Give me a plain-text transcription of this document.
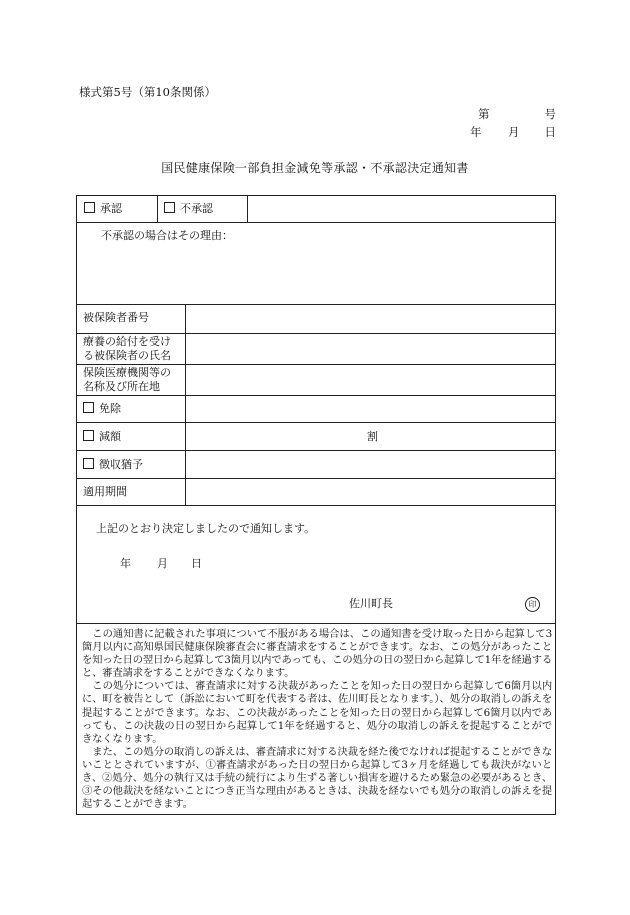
様式第5号（第10条関係）
第	号
年 月 日
国民健康保険一部負担金減免等承認・不承認決定通知書
承認	不承認
不承認の場合はその理由：
被保険者番号
療養の給付を受け
る被保険者の氏名
保険医療機関等の
名称及び所在地
免除
減額	割
徴収猶予
適用期間
上記のとおり決定しましたので通知します。
年 月 日
佐川町長	印

この通知書に記載された事項について不服がある場合は、この通知書を受け取った日から起算して3箇月以内に高知県国民健康保険審査会に審査請求をすることができます。なお、この処分があったことを知った日の翌日から起算して3箇月以内であっても、この処分の日の翌日から起算して1年を経過すると、審査請求をすることができなくなります。

この処分については、審査請求に対する決裁があったことを知った日の翌日から起算して6箇月以内に、町を被告として（訴訟において町を代表する者は、佐川町長となります。）、処分の取消しの訴えを提起することができます。なお、この決裁があったことを知った日の翌日から起算して6箇月以内であっても、この決裁の日の翌日から起算して1年を経過すると、処分の取消しの訴えを提起することができなくなります。

また、この処分の取消しの訴えは、審査請求に対する決裁を経た後でなければ提起することができないこととされていますが、①審査請求があった日の翌日から起算して3ヶ月を経過しても裁決がないとき、②処分、処分の執行又は手続の続行により生ずる著しい損害を避けるため緊急の必要があるとき、③その他裁決を経ないことにつき正当な理由があるときは、決裁を経ないでも処分の取消しの訴えを提起することができます。
